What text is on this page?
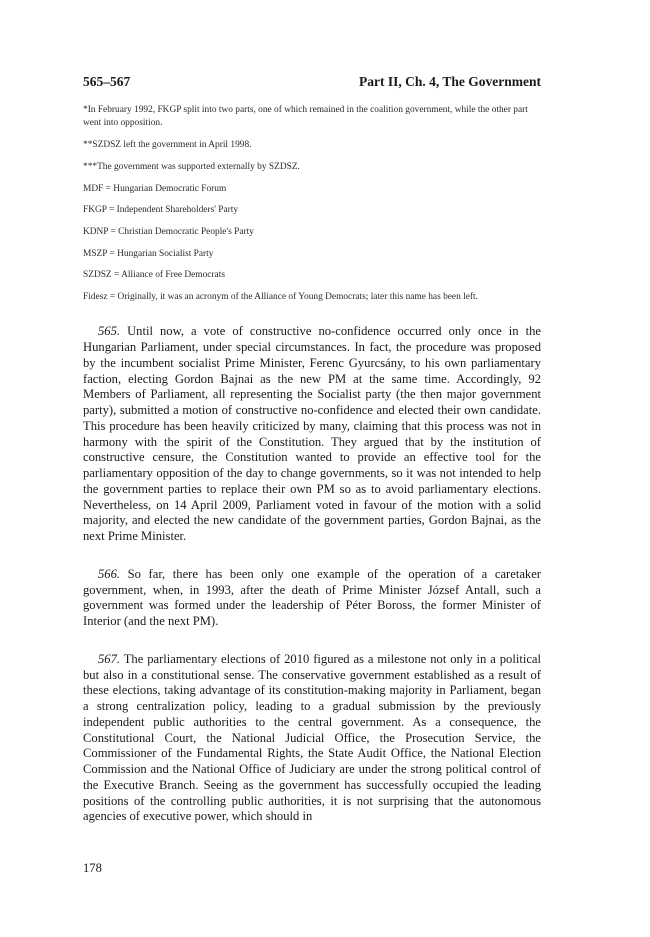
565–567	Part II, Ch. 4, The Government

*In February 1992, FKGP split into two parts, one of which remained in the coalition government, while the other part went into opposition.

**SZDSZ left the government in April 1998.

***The government was supported externally by SZDSZ.

MDF = Hungarian Democratic Forum

FKGP = Independent Shareholders' Party

KDNP = Christian Democratic People's Party

MSZP = Hungarian Socialist Party

SZDSZ = Alliance of Free Democrats

Fidesz = Originally, it was an acronym of the Alliance of Young Democrats; later this name has been left.

565. Until now, a vote of constructive no-confidence occurred only once in the Hungarian Parliament, under special circumstances. In fact, the procedure was proposed by the incumbent socialist Prime Minister, Ferenc Gyurcsány, to his own parliamentary faction, electing Gordon Bajnai as the new PM at the same time. Accordingly, 92 Members of Parliament, all representing the Socialist party (the then major government party), submitted a motion of constructive no-confidence and elected their own candidate. This procedure has been heavily criticized by many, claiming that this process was not in harmony with the spirit of the Constitution. They argued that by the institution of constructive censure, the Constitution wanted to provide an effective tool for the parliamentary opposition of the day to change governments, so it was not intended to help the government parties to replace their own PM so as to avoid parliamentary elections. Nevertheless, on 14 April 2009, Parliament voted in favour of the motion with a solid majority, and elected the new candidate of the government parties, Gordon Bajnai, as the next Prime Minister.

566. So far, there has been only one example of the operation of a caretaker government, when, in 1993, after the death of Prime Minister József Antall, such a government was formed under the leadership of Péter Boross, the former Minister of Interior (and the next PM).

567. The parliamentary elections of 2010 figured as a milestone not only in a political but also in a constitutional sense. The conservative government established as a result of these elections, taking advantage of its constitution-making majority in Parliament, began a strong centralization policy, leading to a gradual submission by the previously independent public authorities to the central government. As a consequence, the Constitutional Court, the National Judicial Office, the Prosecution Service, the Commissioner of the Fundamental Rights, the State Audit Office, the National Election Commission and the National Office of Judiciary are under the strong political control of the Executive Branch. Seeing as the government has successfully occupied the leading positions of the controlling public authorities, it is not surprising that the autonomous agencies of executive power, which should in

178
